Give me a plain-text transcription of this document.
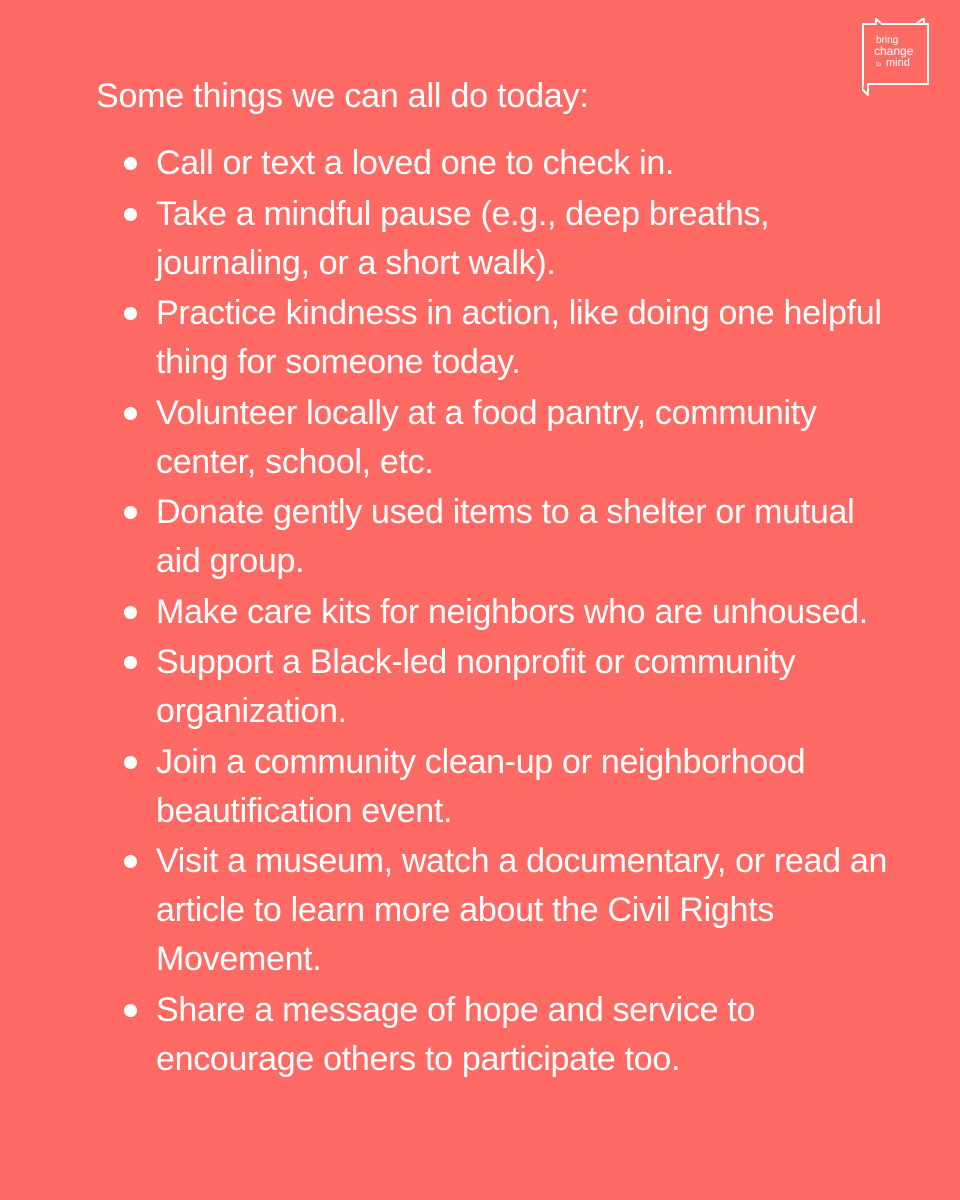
bring
change
to mind
Some things we can all do today:
Call or text a loved one to check in.
Take a mindful pause (e.g., deep breaths, journaling, or a short walk).
Practice kindness in action, like doing one helpful thing for someone today.
Volunteer locally at a food pantry, community center, school, etc.
Donate gently used items to a shelter or mutual aid group.
Make care kits for neighbors who are unhoused.
Support a Black-led nonprofit or community organization.
Join a community clean-up or neighborhood beautification event.
Visit a museum, watch a documentary, or read an article to learn more about the Civil Rights Movement.
Share a message of hope and service to encourage others to participate too.
